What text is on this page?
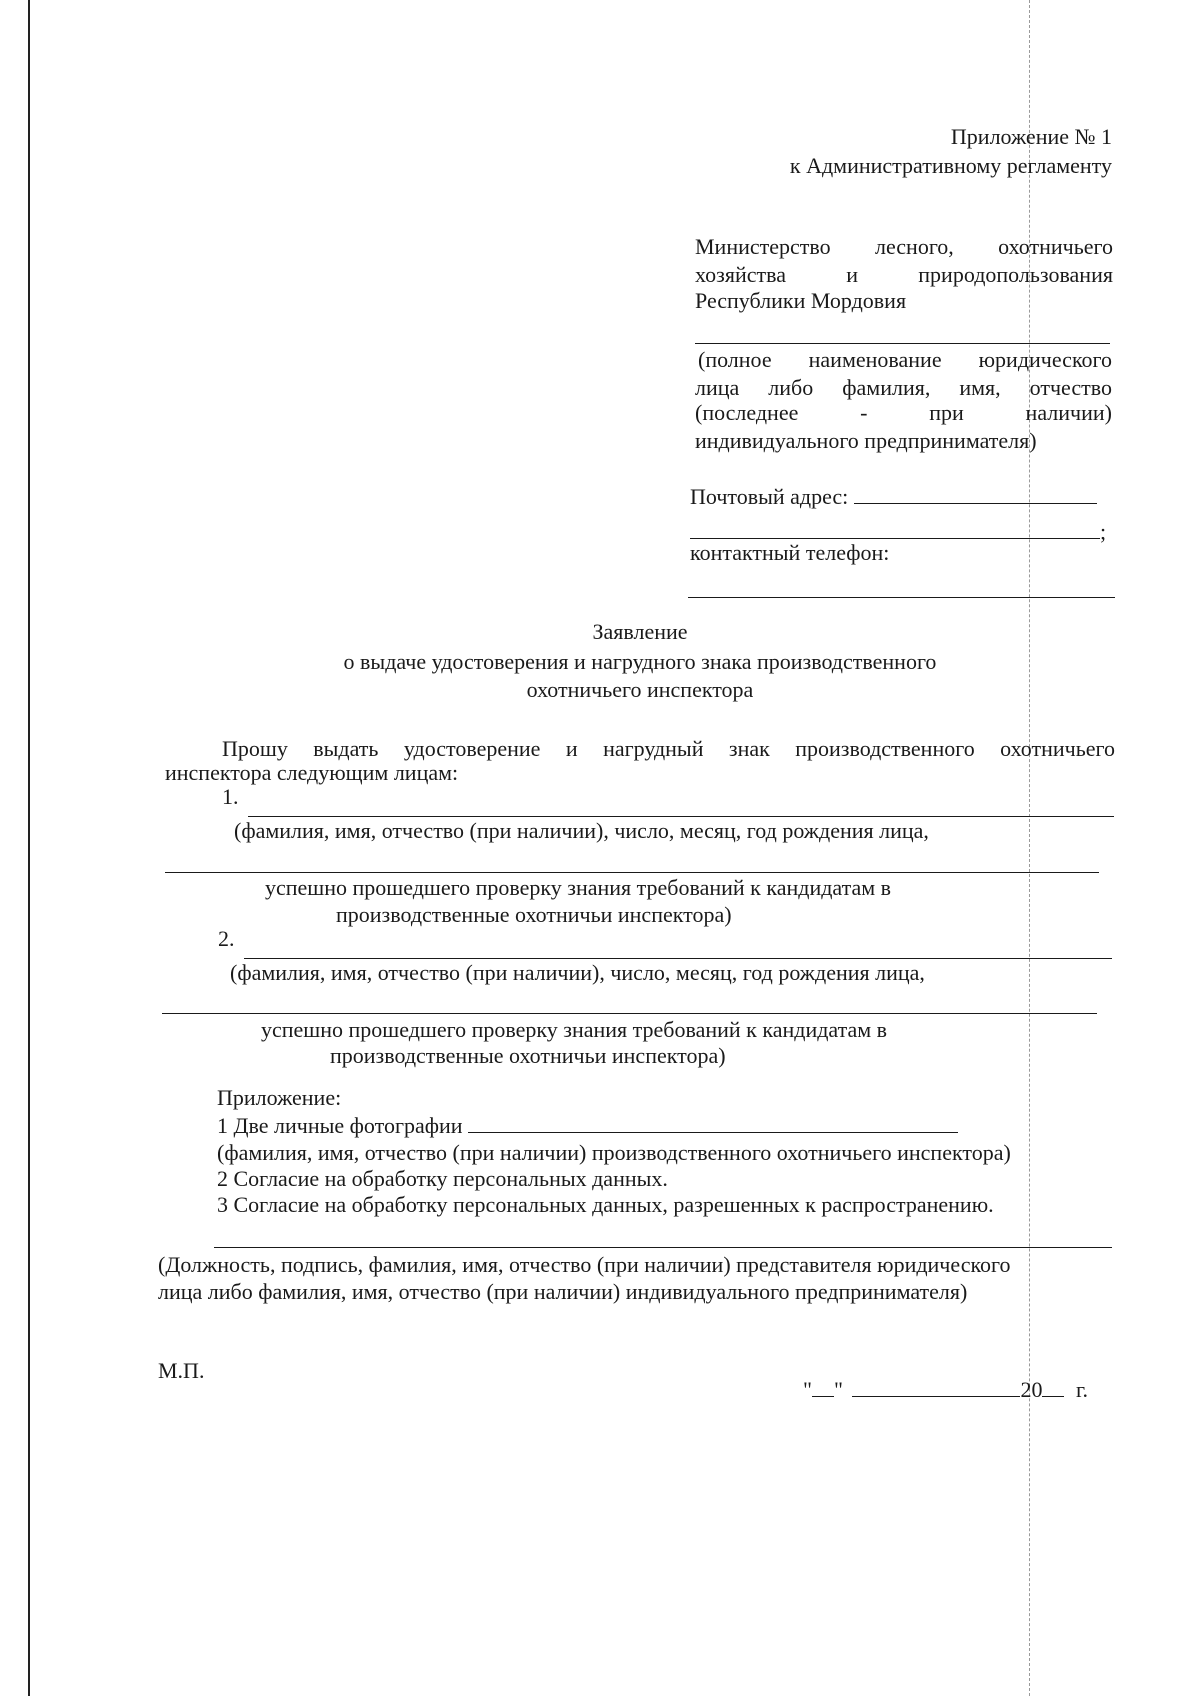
Приложение № 1
к Административному регламенту
Министерство лесного, охотничьего
хозяйства	и	природопользования
Республики Мордовия
(полное наименование юридического
лица либо фамилия, имя, отчество
(последнее	-	при	наличии)
индивидуального предпринимателя)
Почтовый адрес:
;
контактный телефон:
Заявление
о выдаче удостоверения и нагрудного знака производственного
охотничьего инспектора
Прошу выдать удостоверение и нагрудный знак производственного охотничьего
инспектора следующим лицам:
1.
(фамилия, имя, отчество (при наличии), число, месяц, год рождения лица,
успешно прошедшего проверку знания требований к кандидатам в
производственные охотничьи инспектора)
2.
(фамилия, имя, отчество (при наличии), число, месяц, год рождения лица,
успешно прошедшего проверку знания требований к кандидатам в
производственные охотничьи инспектора)
Приложение:
1 Две личные фотографии
(фамилия, имя, отчество (при наличии) производственного охотничьего инспектора)
2 Согласие на обработку персональных данных.
3 Согласие на обработку персональных данных, разрешенных к распространению.
(Должность, подпись, фамилия, имя, отчество (при наличии) представителя юридического
лица либо фамилия, имя, отчество (при наличии) индивидуального предпринимателя)
М.П.
" "	20 г.
